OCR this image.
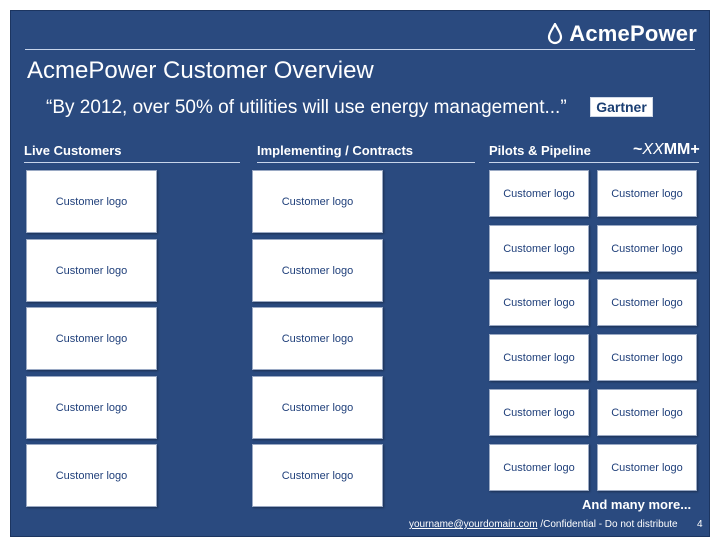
AcmePower
AcmePower Customer Overview
“By 2012, over 50% of utilities will use energy management...”	Gartner
Live Customers	Implementing / Contracts	Pilots & Pipeline	~XXMM+
Customer logo
Customer logo
Customer logo
Customer logo
Customer logo
Customer logo
Customer logo
Customer logo
Customer logo
Customer logo
Customer logo	Customer logo
Customer logo	Customer logo
Customer logo	Customer logo
Customer logo	Customer logo
Customer logo	Customer logo
Customer logo	Customer logo
And many more...
yourname@yourdomain.com /Confidential - Do not distribute 4
